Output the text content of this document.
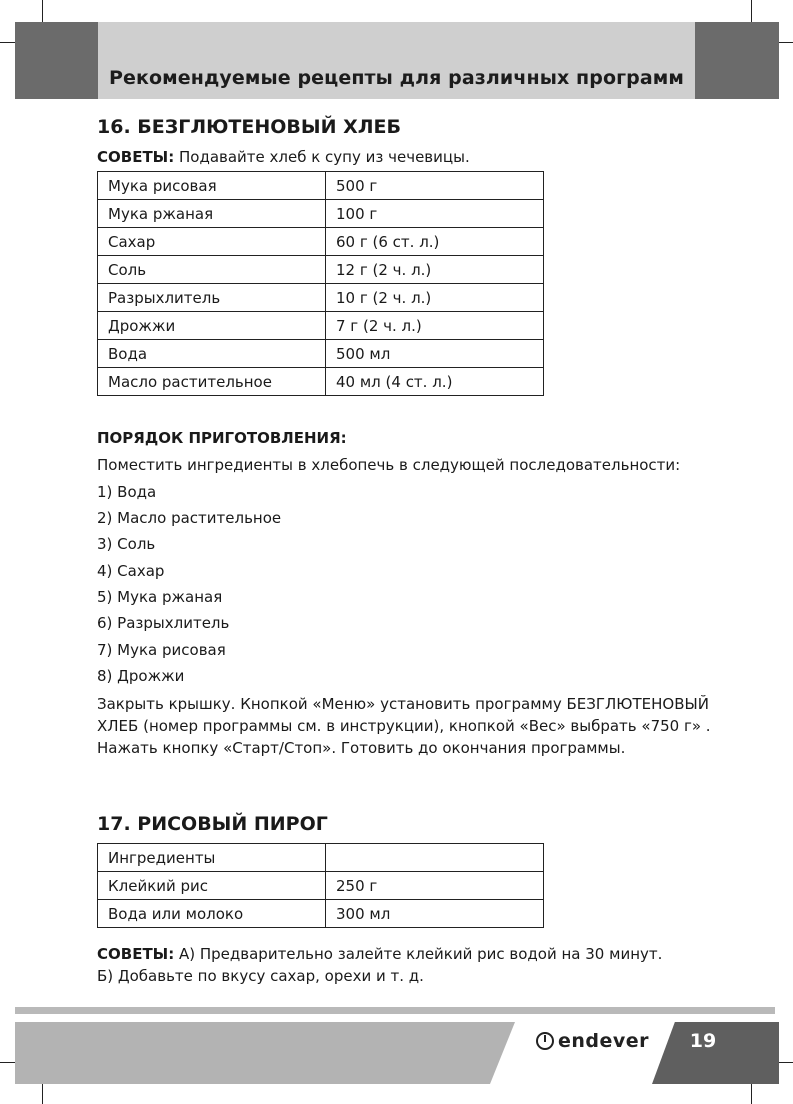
Рекомендуемые рецепты для различных программ
16. БЕЗГЛЮТЕНОВЫЙ ХЛЕБ
СОВЕТЫ: Подавайте хлеб к супу из чечевицы.
Мука рисовая	500 г
Мука ржаная	100 г
Сахар	60 г (6 ст. л.)
Соль	12 г (2 ч. л.)
Разрыхлитель	10 г (2 ч. л.)
Дрожжи	7 г (2 ч. л.)
Вода	500 мл
Масло растительное	40 мл (4 ст. л.)
ПОРЯДОК ПРИГОТОВЛЕНИЯ:
Поместить ингредиенты в хлебопечь в следующей последовательности:
1) Вода
2) Масло растительное
3) Соль
4) Сахар
5) Мука ржаная
6) Разрыхлитель
7) Мука рисовая
8) Дрожжи
Закрыть крышку. Кнопкой «Меню» установить программу БЕЗГЛЮТЕНОВЫЙ ХЛЕБ (номер программы см. в инструкции), кнопкой «Вес» выбрать «750 г» . Нажать кнопку «Старт/Стоп». Готовить до окончания программы.
17. РИСОВЫЙ ПИРОГ
Ингредиенты	
Клейкий рис	250 г
Вода или молоко	300 мл
СОВЕТЫ: А) Предварительно залейте клейкий рис водой на 30 минут.
Б) Добавьте по вкусу сахар, орехи и т. д.
endever	19
